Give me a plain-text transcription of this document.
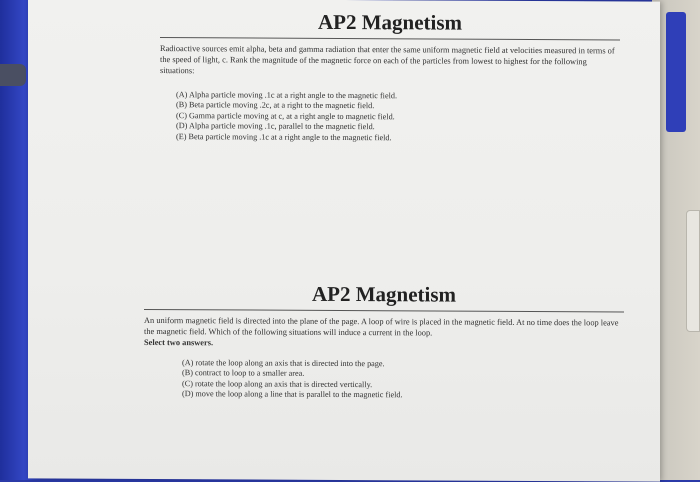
AP2 Magnetism
Radioactive sources emit alpha, beta and gamma radiation that enter the same uniform magnetic field at velocities measured in terms of the speed of light, c. Rank the magnitude of the magnetic force on each of the particles from lowest to highest for the following situations:
(A) Alpha particle moving .1c at a right angle to the magnetic field.
(B) Beta particle moving .2c, at a right to the magnetic field.
(C) Gamma particle moving at c, at a right angle to magnetic field.
(D) Alpha particle moving .1c, parallel to the magnetic field.
(E) Beta particle moving .1c at a right angle to the magnetic field.
AP2 Magnetism
An uniform magnetic field is directed into the plane of the page. A loop of wire is placed in the magnetic field. At no time does the loop leave the magnetic field. Which of the following situations will induce a current in the loop.
Select two answers.
(A) rotate the loop along an axis that is directed into the page.
(B) contract to loop to a smaller area.
(C) rotate the loop along an axis that is directed vertically.
(D) move the loop along a line that is parallel to the magnetic field.
